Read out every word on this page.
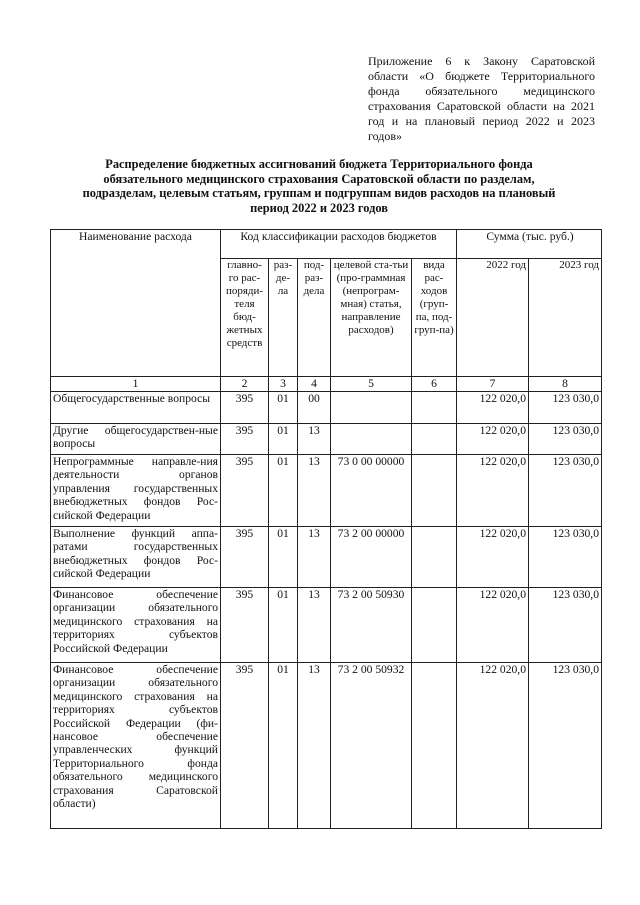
Приложение 6 к Закону Саратовской области «О бюджете Территориального фонда обязательного медицинского страхования Саратовской области на 2021 год и на плановый период 2022 и 2023 годов»
Распределение бюджетных ассигнований бюджета Территориального фонда обязательного медицинского страхования Саратовской области по разделам, подразделам, целевым статьям, группам и подгруппам видов расходов на плановый период 2022 и 2023 годов
Наименование расхода	Код классификации расходов бюджетов					Сумма (тыс. руб.)	
	главно-го рас-поряди-теля бюд-жетных средств	раз-де-ла	под-раз-дела	целевой ста-тьи (про-граммная (непрограм-мная) статья, направление расходов)	вида рас-ходов (груп-па, под-груп-па)	2022 год	2023 год
1	2	3	4	5	6	7	8
Общегосударственные вопросы	395	01	00			122 020,0	123 030,0
Другие общегосударствен-ные вопросы	395	01	13			122 020,0	123 030,0
Непрограммные направле-ния деятельности органов управления государственных внебюджетных фондов Рос-сийской Федерации	395	01	13	73 0 00 00000		122 020,0	123 030,0
Выполнение функций аппа-ратами государственных внебюджетных фондов Рос-сийской Федерации	395	01	13	73 2 00 00000		122 020,0	123 030,0
Финансовое обеспечение организации обязательного медицинского страхования на территориях субъектов Российской Федерации	395	01	13	73 2 00 50930		122 020,0	123 030,0
Финансовое обеспечение организации обязательного медицинского страхования на территориях субъектов Российской Федерации (фи-нансовое обеспечение управленческих функций Территориального фонда обязательного медицинского страхования Саратовской области)	395	01	13	73 2 00 50932		122 020,0	123 030,0
